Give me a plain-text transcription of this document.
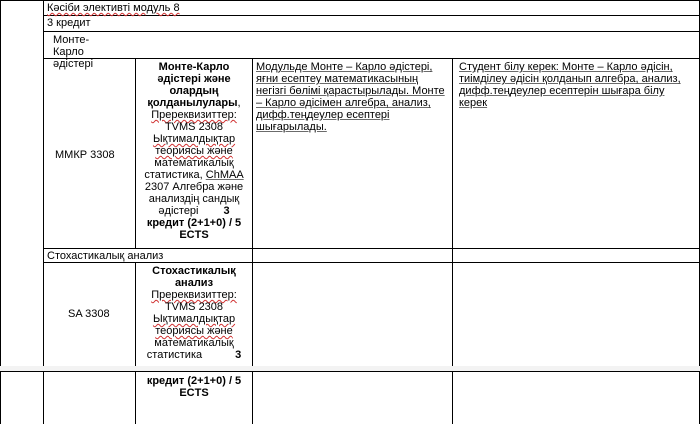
Кәсіби элективті модуль 8
3 кредит
Монте-Карло әдістері
ММКР 3308
Монте-Карло әдістері және олардың қолданылулары,
Пререквизиттер:
TVMS 2308
Ықтималдықтар
теориясы және
математикалық
статистика, ChMAA
2307 Алгебра және
анализдің сандық
әдістері 3
кредит (2+1+0) / 5
ECTS
Модульде Монте – Карло әдістері, яғни есептеу математикасының негізгі бөлімі қарастырылады. Монте – Карло әдісімен алгебра, анализ, дифф.теңдеулер есептері шығарылады.
Студент білу керек: Монте – Карло әдісін, тиімділеу әдісін қолданып алгебра, анализ, дифф.теңдеулер есептерін шығара білу керек
Стохастикалық анализ
SA 3308
Стохастикалық анализ
Пререквизиттер:
TVMS 2308
Ықтималдықтар
теориясы және
математикалық
статистика	3
кредит (2+1+0) / 5
ECTS
